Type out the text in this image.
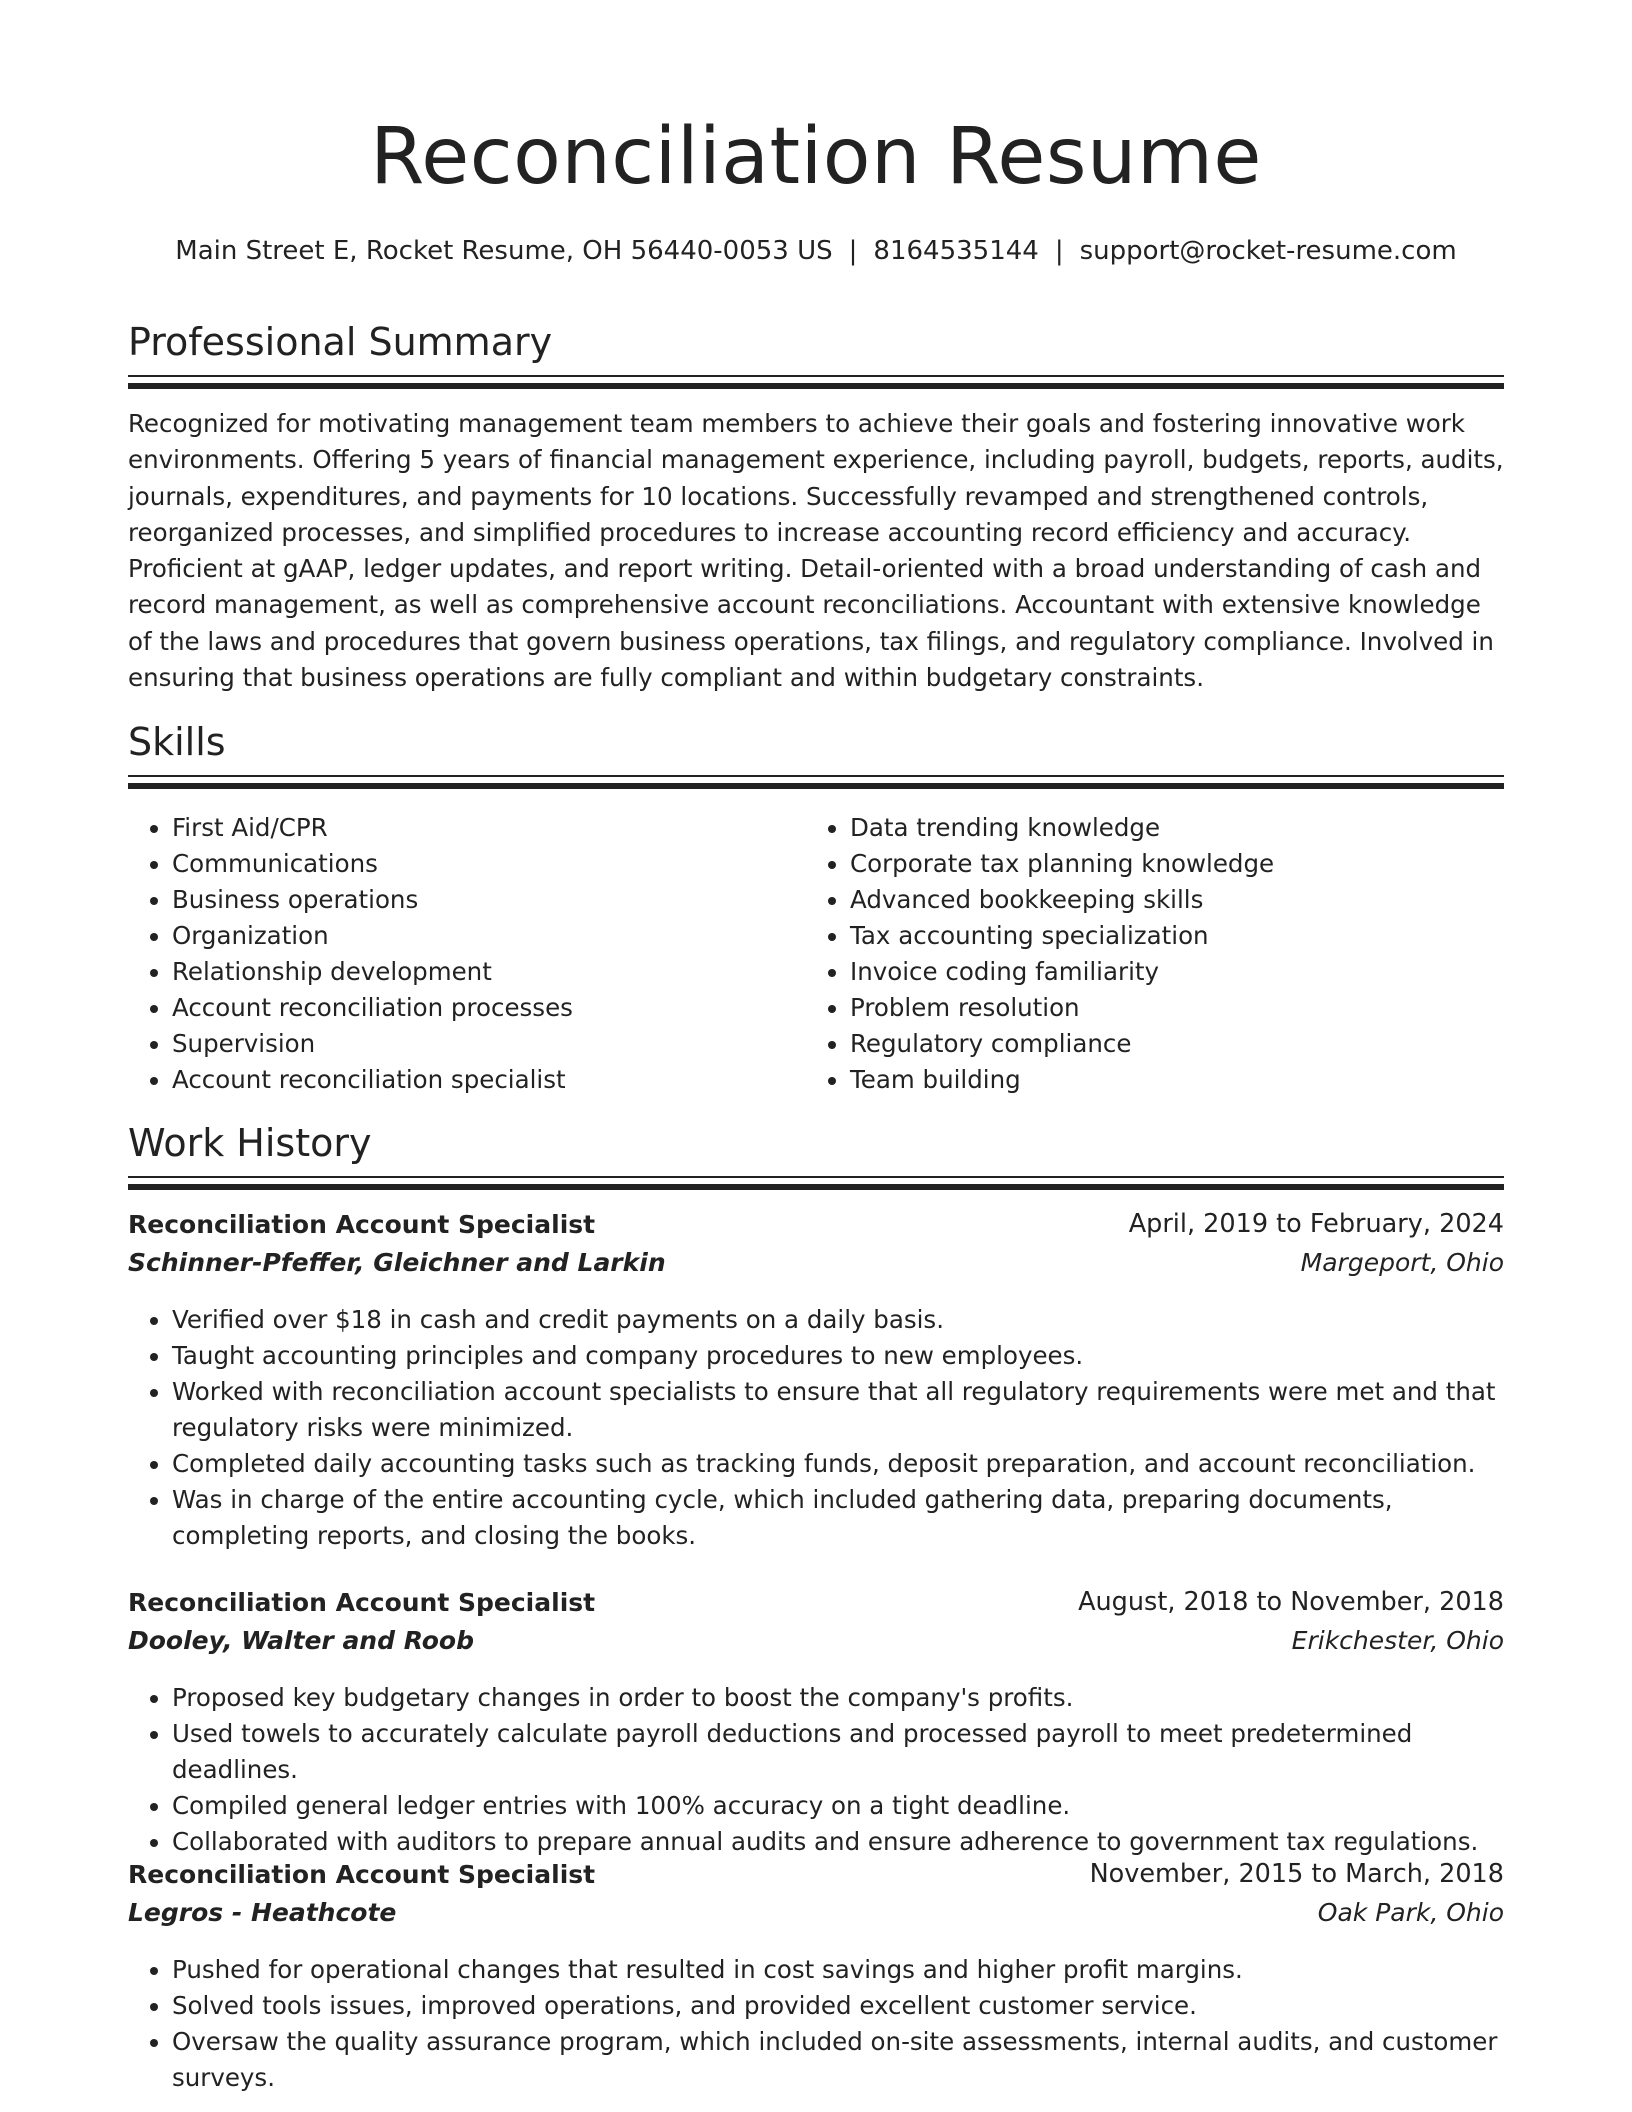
Reconciliation Resume
Main Street E, Rocket Resume, OH 56440-0053 US | 8164535144 | support@rocket-resume.com
Professional Summary

Recognized for motivating management team members to achieve their goals and fostering innovative work environments. Offering 5 years of financial management experience, including payroll, budgets, reports, audits, journals, expenditures, and payments for 10 locations. Successfully revamped and strengthened controls, reorganized processes, and simplified procedures to increase accounting record efficiency and accuracy. Proficient at gAAP, ledger updates, and report writing. Detail-oriented with a broad understanding of cash and record management, as well as comprehensive account reconciliations. Accountant with extensive knowledge of the laws and procedures that govern business operations, tax filings, and regulatory compliance. Involved in ensuring that business operations are fully compliant and within budgetary constraints.

Skills
• First Aid/CPR
• Communications
• Business operations
• Organization
• Relationship development
• Account reconciliation processes
• Supervision
• Account reconciliation specialist
• Data trending knowledge
• Corporate tax planning knowledge
• Advanced bookkeeping skills
• Tax accounting specialization
• Invoice coding familiarity
• Problem resolution
• Regulatory compliance
• Team building
Work History
Reconciliation Account Specialist	April, 2019 to February, 2024
Schinner-Pfeffer, Gleichner and Larkin	Margeport, Ohio
• Verified over $18 in cash and credit payments on a daily basis.
• Taught accounting principles and company procedures to new employees.
• Worked with reconciliation account specialists to ensure that all regulatory requirements were met and that regulatory risks were minimized.
• Completed daily accounting tasks such as tracking funds, deposit preparation, and account reconciliation.
• Was in charge of the entire accounting cycle, which included gathering data, preparing documents, completing reports, and closing the books.
Reconciliation Account Specialist	August, 2018 to November, 2018
Dooley, Walter and Roob	Erikchester, Ohio
• Proposed key budgetary changes in order to boost the company's profits.
• Used towels to accurately calculate payroll deductions and processed payroll to meet predetermined deadlines.
• Compiled general ledger entries with 100% accuracy on a tight deadline.
• Collaborated with auditors to prepare annual audits and ensure adherence to government tax regulations.
Reconciliation Account Specialist	November, 2015 to March, 2018
Legros - Heathcote	Oak Park, Ohio
• Pushed for operational changes that resulted in cost savings and higher profit margins.
• Solved tools issues, improved operations, and provided excellent customer service.
• Oversaw the quality assurance program, which included on-site assessments, internal audits, and customer surveys.
